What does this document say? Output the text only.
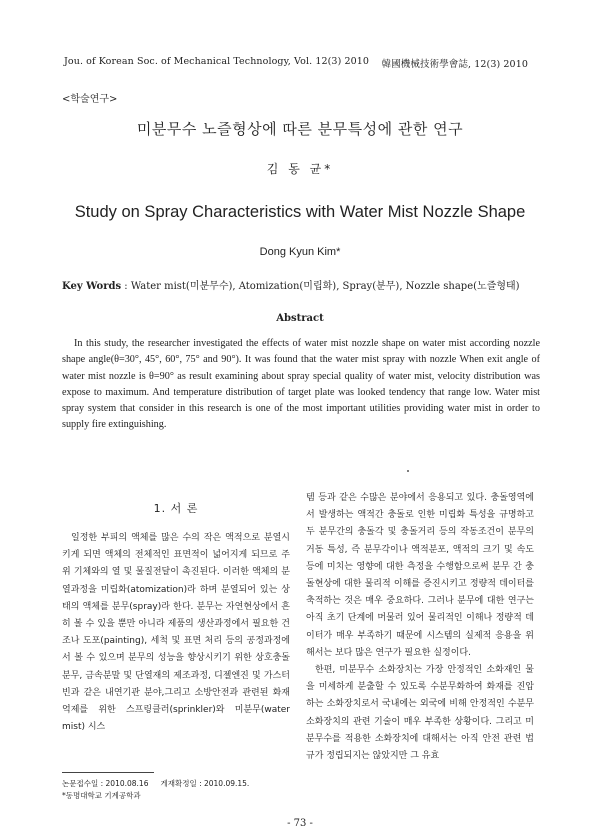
Jou. of Korean Soc. of Mechanical Technology, Vol. 12(3) 2010 韓國機械技術學會誌, 12(3) 2010
<학술연구>
미분무수 노즐형상에 따른 분무특성에 관한 연구
김 동 균*
Study on Spray Characteristics with Water Mist Nozzle Shape
Dong Kyun Kim*
Key Words : Water mist(미분무수), Atomization(미립화), Spray(분무), Nozzle shape(노즐형태)
Abstract

In this study, the researcher investigated the effects of water mist nozzle shape on water mist according nozzle shape angle(θ=30°, 45°, 60°, 75° and 90°). It was found that the water mist spray with nozzle When exit angle of water mist nozzle is θ=90° as result examining about spray special quality of water mist, velocity distribution was expose to maximum. And temperature distribution of target plate was looked tendency that range low. Water mist spray system that consider in this research is one of the most important utilities providing water mist in order to supply fire extinguishing.

1. 서 론

일정한 부피의 액체를 많은 수의 작은 액적으로 분열시키게 되면 액체의 전체적인 표면적이 넓어지게 되므로 주위 기체와의 열 및 물질전달이 촉진된다. 이러한 액체의 분열과정을 미립화(atomization)라 하며 분열되어 있는 상태의 액체를 분무(spray)라 한다. 분무는 자연현상에서 흔히 볼 수 있을 뿐만 아니라 제품의 생산과정에서 필요한 건조나 도포(painting), 세척 및 표면 처리 등의 공정과정에서 볼 수 있으며 분무의 성능을 향상시키기 위한 상호충돌분무, 금속분말 및 단열재의 제조과정, 디젤엔진 및 가스터빈과 같은 내연기관 분야,그리고 소방안전과 관련된 화재 억제를 위한 스프링클러(sprinkler)와 미분무(water mist) 시스

템 등과 같은 수많은 분야에서 응용되고 있다. 충돌영역에서 발생하는 액적간 충돌로 인한 미립화 특성을 규명하고 두 분무간의 충돌각 및 충돌거리 등의 작동조건이 분무의 거동 특성, 즉 분무각이나 액적분포, 액적의 크기 및 속도 등에 미치는 영향에 대한 측정을 수행함으로써 분무 간 충돌현상에 대한 물리적 이해를 증진시키고 정량적 데이터를 축적하는 것은 매우 중요하다. 그러나 분무에 대한 연구는 아직 초기 단계에 머물러 있어 물리적인 이해나 정량적 데이터가 매우 부족하기 때문에 시스템의 실제적 응용을 위해서는 보다 많은 연구가 필요한 실정이다.

한편, 미분무수 소화장치는 가장 안정적인 소화재인 물을 미세하게 분출할 수 있도록 수분무화하여 화재를 진압하는 소화장치로서 국내에는 외국에 비해 안정적인 수분무 소화장치의 관련 기술이 매우 부족한 상황이다. 그리고 미분무수를 적용한 소화장치에 대해서는 아직 안전 관련 법규가 정립되지는 않았지만 그 유효

논문접수일 : 2010.08.16 게재확정일 : 2010.09.15.
*동명대학교 기계공학과
- 73 -
